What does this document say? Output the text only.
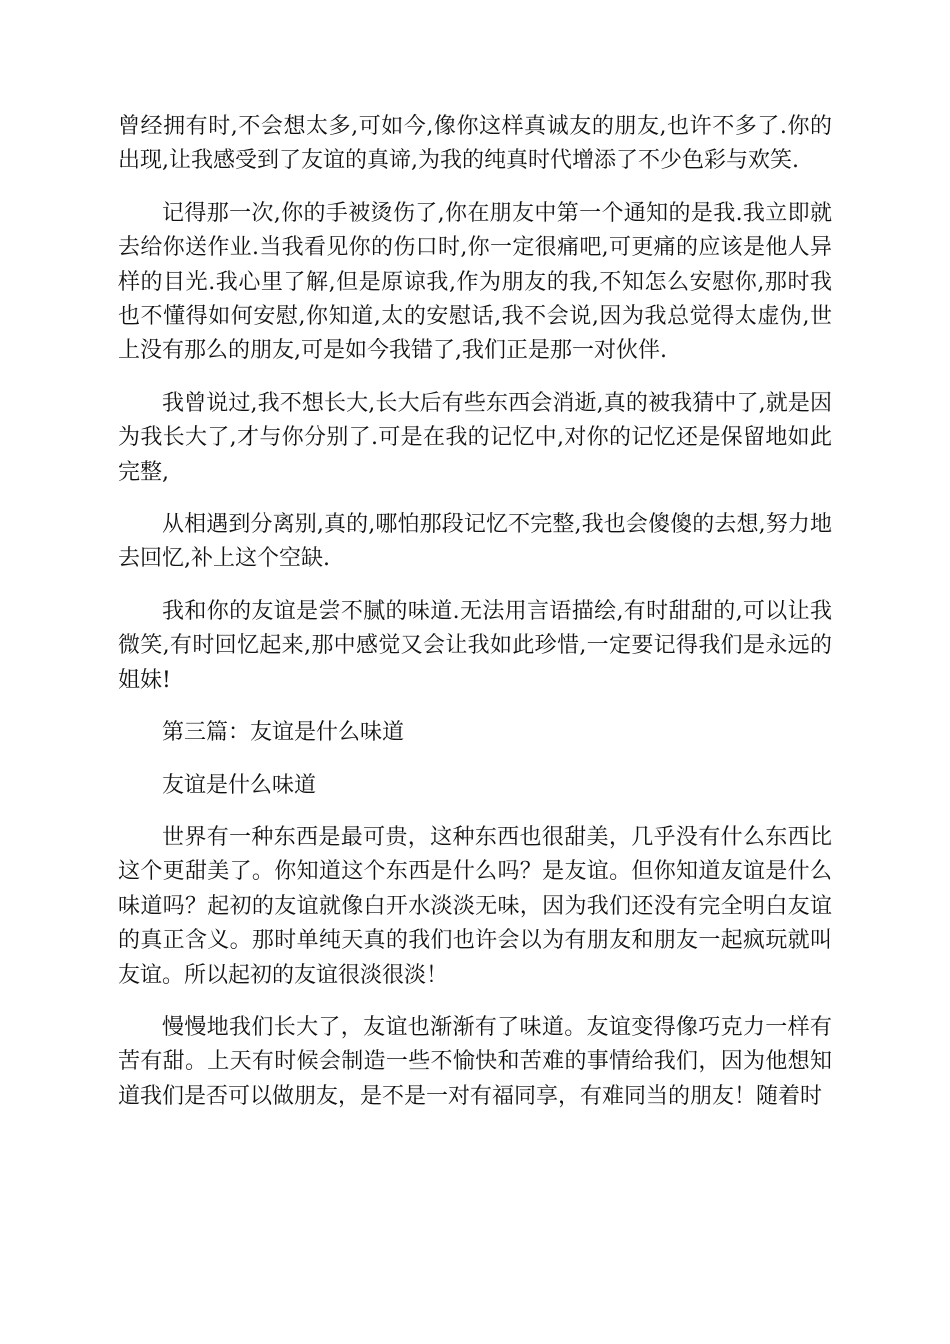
曾经拥有时,不会想太多,可如今,像你这样真诚友的朋友,也许不多了.你的出现,让我感受到了友谊的真谛,为我的纯真时代增添了不少色彩与欢笑.

记得那一次,你的手被烫伤了,你在朋友中第一个通知的是我.我立即就去给你送作业.当我看见你的伤口时,你一定很痛吧,可更痛的应该是他人异样的目光.我心里了解,但是原谅我,作为朋友的我,不知怎么安慰你,那时我也不懂得如何安慰,你知道,太的安慰话,我不会说,因为我总觉得太虚伪,世上没有那么的朋友,可是如今我错了,我们正是那一对伙伴.

我曾说过,我不想长大,长大后有些东西会消逝,真的被我猜中了,就是因为我长大了,才与你分别了.可是在我的记忆中,对你的记忆还是保留地如此完整,

从相遇到分离别,真的,哪怕那段记忆不完整,我也会傻傻的去想,努力地去回忆,补上这个空缺.

我和你的友谊是尝不腻的味道.无法用言语描绘,有时甜甜的,可以让我微笑,有时回忆起来,那中感觉又会让我如此珍惜,一定要记得我们是永远的姐妹!

第三篇：友谊是什么味道

友谊是什么味道

世界有一种东西是最可贵，这种东西也很甜美，几乎没有什么东西比这个更甜美了。你知道这个东西是什么吗？是友谊。但你知道友谊是什么味道吗？起初的友谊就像白开水淡淡无味，因为我们还没有完全明白友谊的真正含义。那时单纯天真的我们也许会以为有朋友和朋友一起疯玩就叫友谊。所以起初的友谊很淡很淡！

慢慢地我们长大了，友谊也渐渐有了味道。友谊变得像巧克力一样有苦有甜。上天有时候会制造一些不愉快和苦难的事情给我们，因为他想知道我们是否可以做朋友，是不是一对有福同享，有难同当的朋友！随着时
